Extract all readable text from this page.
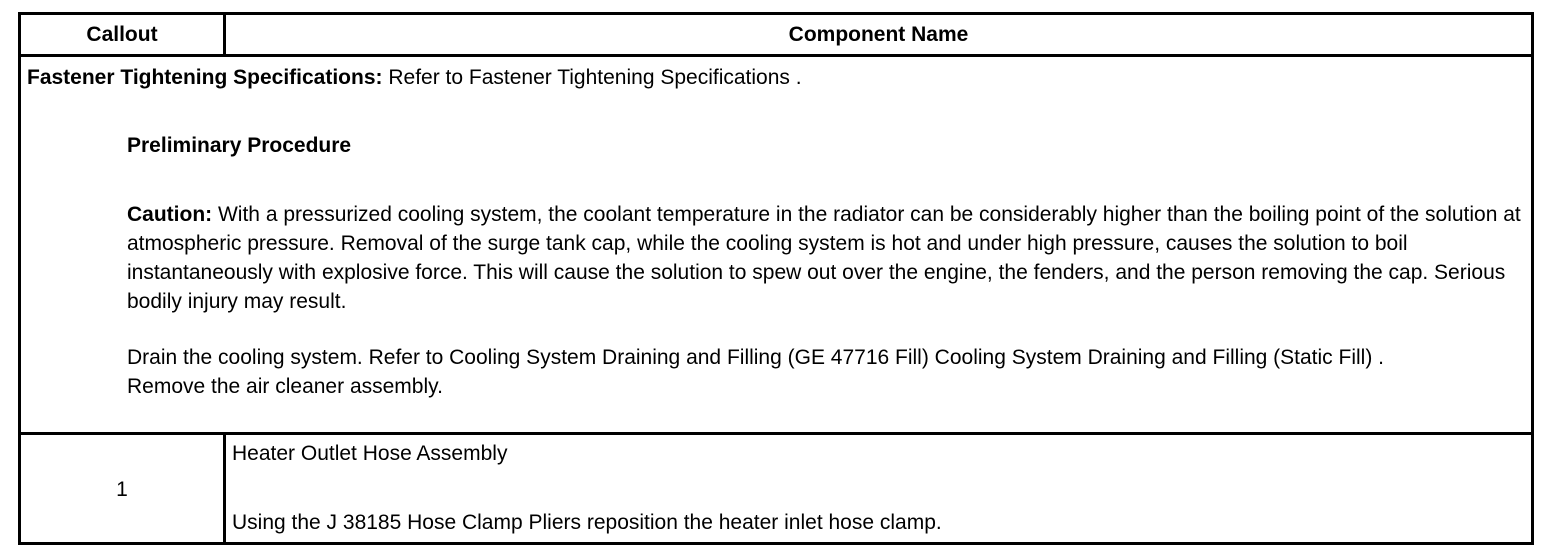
Callout	Component Name
Fastener Tightening Specifications: Refer to Fastener Tightening Specifications .
Preliminary Procedure
Caution: With a pressurized cooling system, the coolant temperature in the radiator can be considerably higher than the boiling point of the solution at atmospheric pressure. Removal of the surge tank cap, while the cooling system is hot and under high pressure, causes the solution to boil instantaneously with explosive force. This will cause the solution to spew out over the engine, the fenders, and the person removing the cap. Serious bodily injury may result.
Drain the cooling system. Refer to Cooling System Draining and Filling (GE 47716 Fill) Cooling System Draining and Filling (Static Fill) .
Remove the air cleaner assembly.
1
Heater Outlet Hose Assembly
Using the J 38185 Hose Clamp Pliers reposition the heater inlet hose clamp.
